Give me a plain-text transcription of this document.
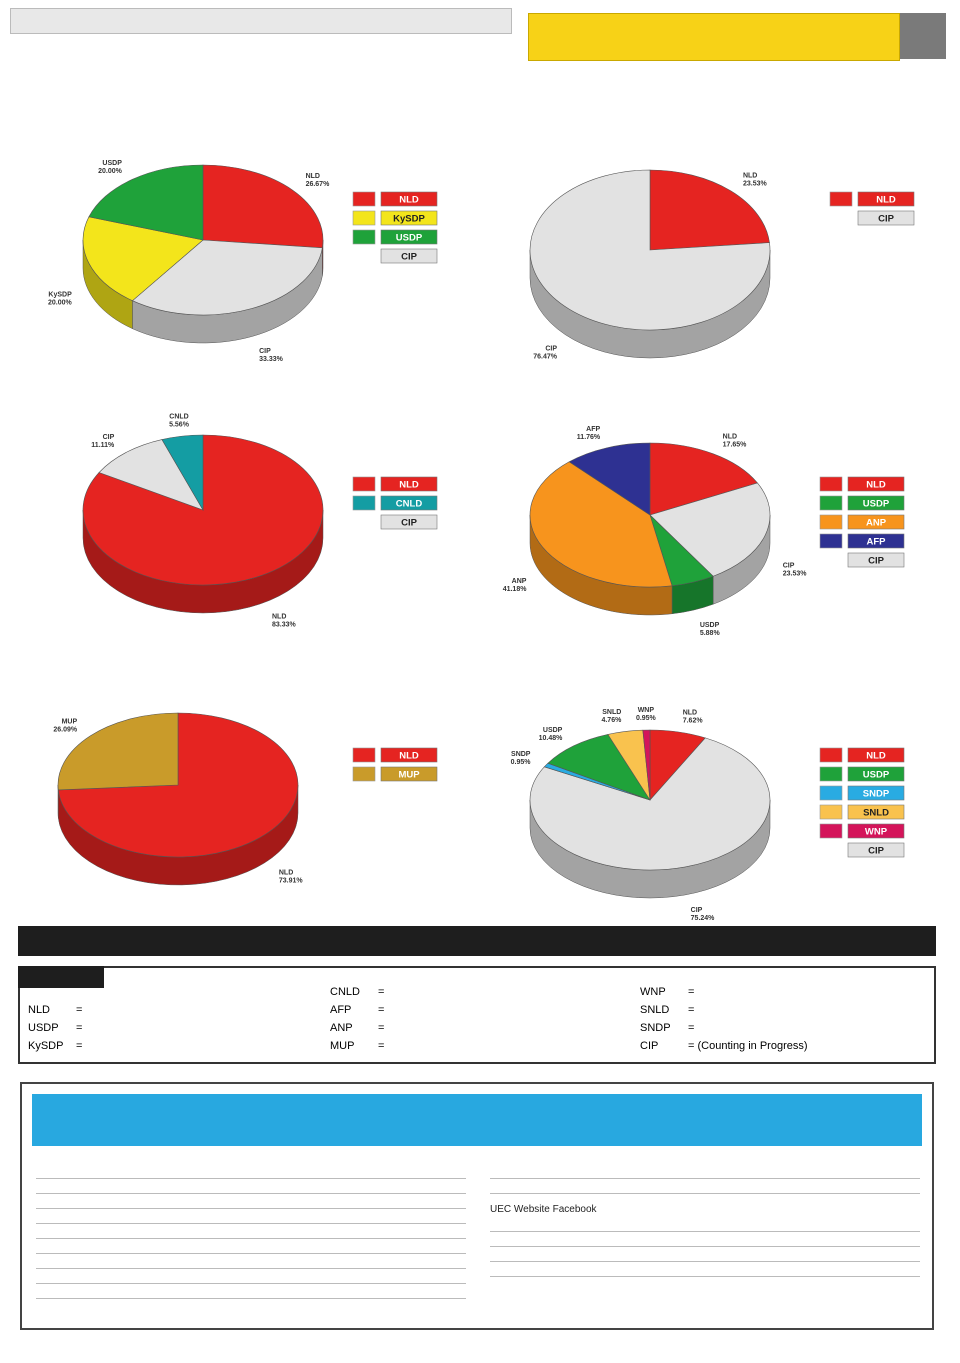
NLD
26.67%
CIP
33.33%
KySDP
20.00%
USDP
20.00%
NLD
KySDP
USDP
CIP
NLD
23.53%
CIP
76.47%
NLD
CIP
NLD
83.33%
CIP
11.11%
CNLD
5.56%
NLD
CNLD
CIP
NLD
17.65%
CIP
23.53%
USDP
5.88%
ANP
41.18%
AFP
11.76%
NLD
USDP
ANP
AFP
CIP
NLD
73.91%
MUP
26.09%
NLD
MUP
NLD
7.62%
CIP
75.24%
SNDP
0.95%
USDP
10.48%
SNLD
4.76%
WNP
0.95%
NLD
USDP
SNDP
SNLD
WNP
CIP
NLD	=
USDP	=
KySDP	=
CNLD	=
AFP	=
ANP	=
MUP	=
WNP	=
SNLD	=
SNDP	=
CIP	= (Counting in Progress)
UEC Website Facebook
